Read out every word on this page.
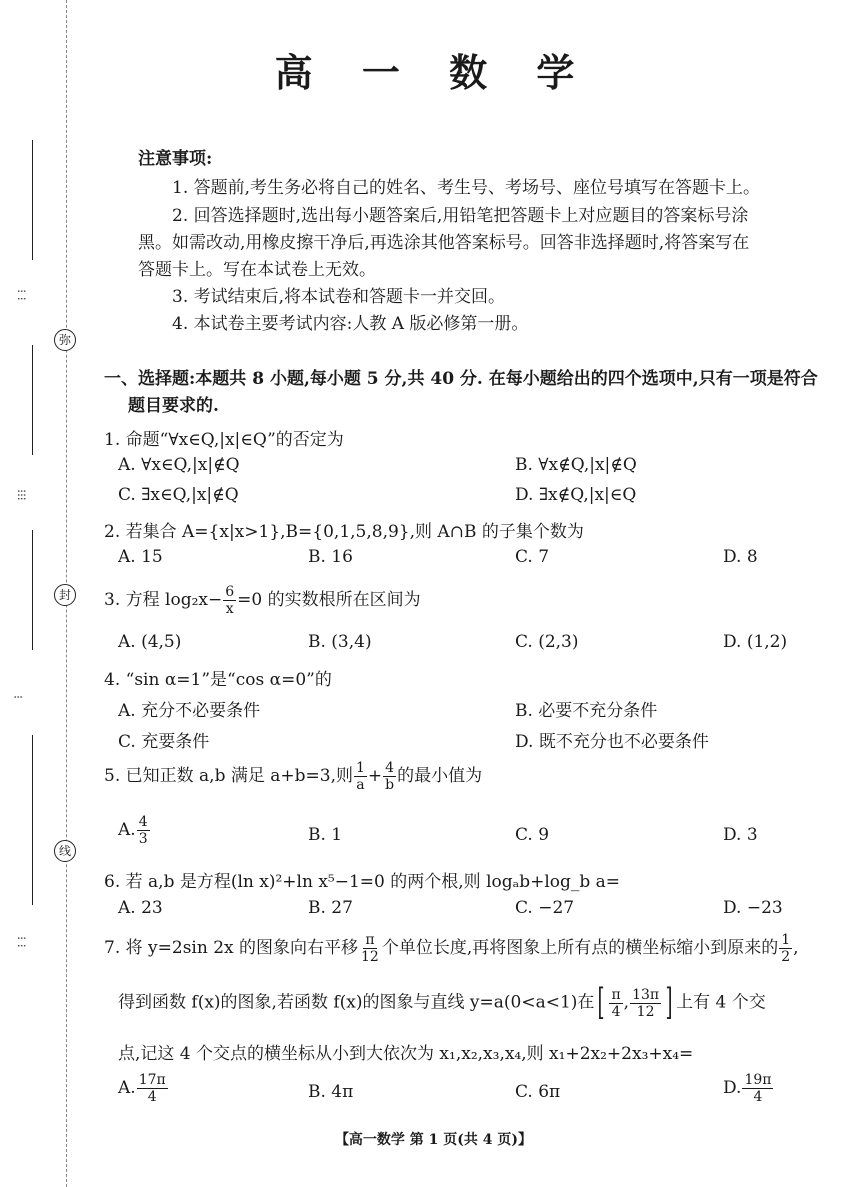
⁝ ⁝
⁝⁝⁝
⁝
⁝ ⁝
弥
封
线
高 一 数 学
注意事项:
1. 答题前,考生务必将自己的姓名、考生号、考场号、座位号填写在答题卡上。
2. 回答选择题时,选出每小题答案后,用铅笔把答题卡上对应题目的答案标号涂
黑。如需改动,用橡皮擦干净后,再选涂其他答案标号。回答非选择题时,将答案写在
答题卡上。写在本试卷上无效。
3. 考试结束后,将本试卷和答题卡一并交回。
4. 本试卷主要考试内容:人教 A 版必修第一册。
一、选择题:本题共 8 小题,每小题 5 分,共 40 分. 在每小题给出的四个选项中,只有一项是符合
题目要求的.
1. 命题“∀x∈Q,|x|∈Q”的否定为
A. ∀x∈Q,|x|∉Q	B. ∀x∉Q,|x|∉Q
C. ∃x∈Q,|x|∉Q	D. ∃x∉Q,|x|∈Q
2. 若集合 A={x|x>1},B={0,1,5,8,9},则 A∩B 的子集个数为
A. 15	B. 16	C. 7	D. 8
3. 方程 $\log_2x- \frac{6}{x} =0$ 的实数根所在区间为
A. (4,5)	B. (3,4)	C. (2,3)	D. (1,2)
4. “sin α=1”是“cos α=0”的
A. 充分不必要条件	B. 必要不充分条件
C. 充要条件	D. 既不充分也不必要条件
5. 已知正数 a,b 满足 a+b=3,则 $\frac{1}{a} + \frac{4}{b}$ 的最小值为
A. $\frac{4}{3}$	B. 1	C. 9	D. 3
6. 若 a,b 是方程(ln x)²+ln x⁵−1=0 的两个根,则 logₐb+log_b a=
A. 23	B. 27	C. −27	D. −23
7. 将 y=2sin 2x 的图象向右平移 $\frac{\pi}{12}$ 个单位长度,再将图象上所有点的横坐标缩小到原来的 $\frac{1}{2}$ ,
得到函数 f(x)的图象,若函数 f(x)的图象与直线 y=a(0<a<1)在[ $\frac{\pi}{4}$ , $\frac{13\pi}{12}$ ] 上有 4 个交
点,记这 4 个交点的横坐标从小到大依次为 x₁,x₂,x₃,x₄,则 x₁+2x₂+2x₃+x₄=
A. $\frac{17\pi}{4}$	B. 4π	C. 6π	D. $\frac{19\pi}{4}$
【高一数学 第 1 页(共 4 页)】
